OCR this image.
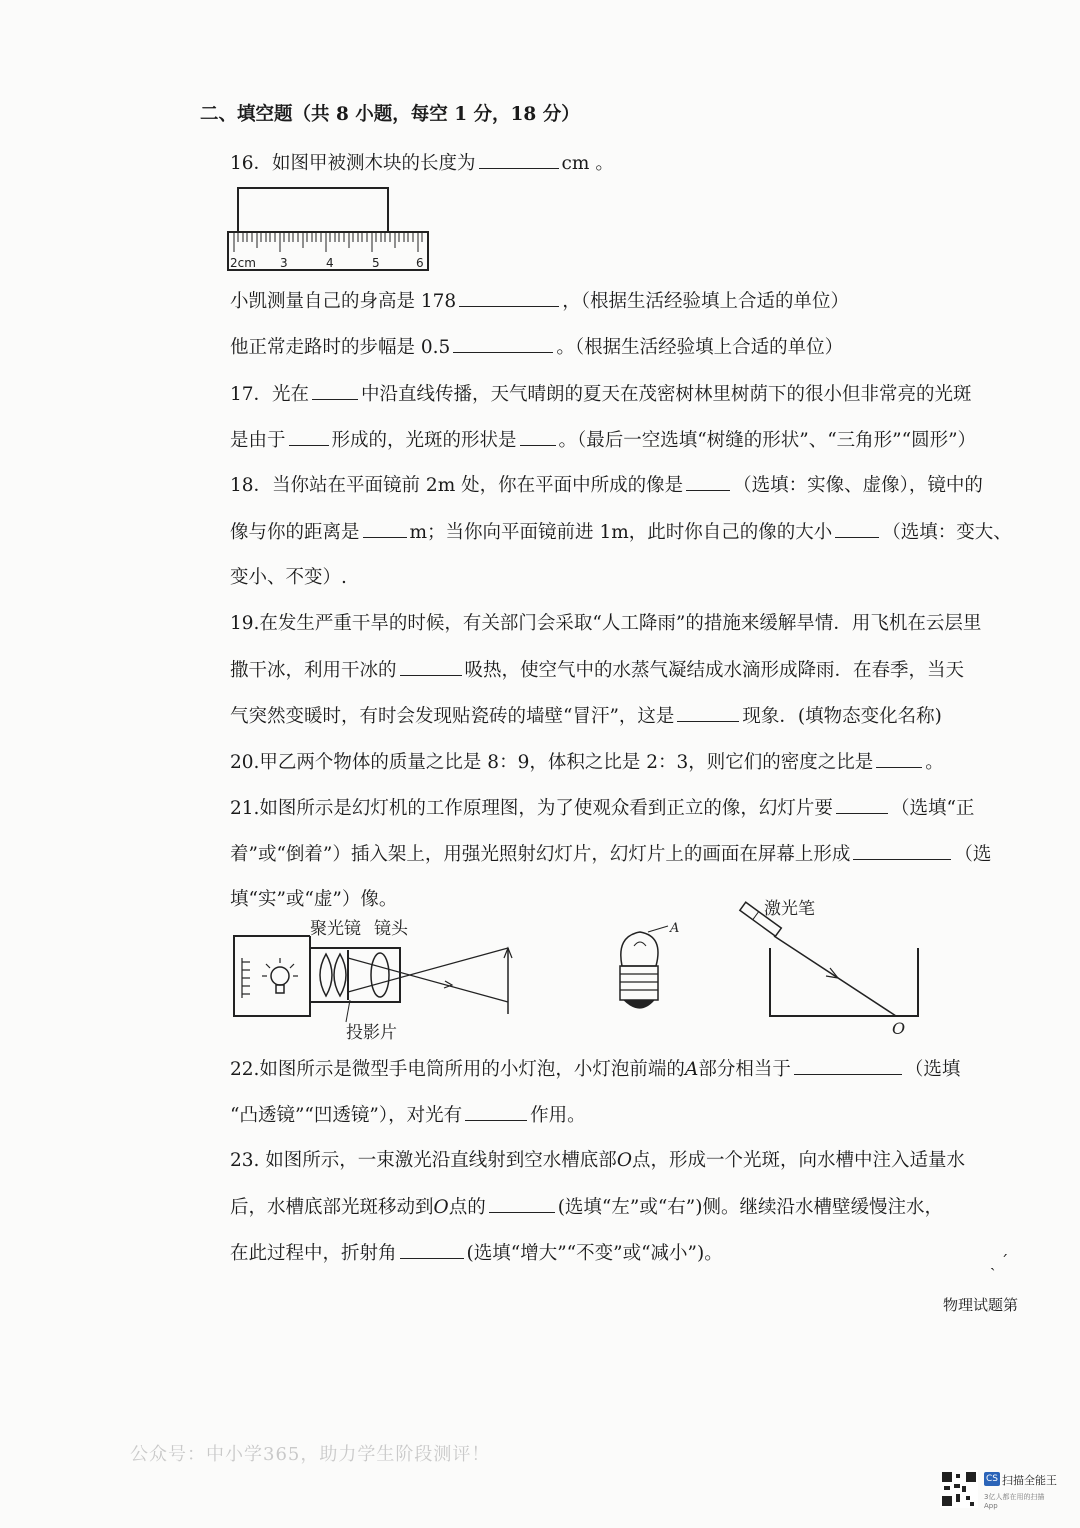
二、填空题（共 8 小题，每空 1 分，18 分）
16．如图甲被测木块的长度为	cm 。
2cm 3	4	5	6
小凯测量自己的身高是 178	，（根据生活经验填上合适的单位）
他正常走路时的步幅是 0.5	。（根据生活经验填上合适的单位）
17．光在	中沿直线传播，天气晴朗的夏天在茂密树林里树荫下的很小但非常亮的光斑
是由于 形成的，光斑的形状是 。（最后一空选填“树缝的形状”、“三角形”“圆形”）
18．当你站在平面镜前 2m 处，你在平面中所成的像是	（选填：实像、虚像），镜中的
像与你的距离是	m；当你向平面镜前进 1m，此时你自己的像的大小	（选填：变大、
变小、不变）.
19.在发生严重干旱的时候，有关部门会采取“人工降雨”的措施来缓解旱情．用飞机在云层里
撒干冰，利用干冰的	吸热，使空气中的水蒸气凝结成水滴形成降雨．在春季，当天
气突然变暖时，有时会发现贴瓷砖的墙壁“冒汗”，这是	现象．(填物态变化名称)
20.甲乙两个物体的质量之比是 8：9，体积之比是 2：3，则它们的密度之比是	。
21.如图所示是幻灯机的工作原理图，为了使观众看到正立的像，幻灯片要	（选填“正
着”或“倒着”）插入架上，用强光照射幻灯片，幻灯片上的画面在屏幕上形成	（选
填“实”或“虚”）像。
聚光镜 镜头
投影片
A
激光笔
O
22.如图所示是微型手电筒所用的小灯泡，小灯泡前端的A部分相当于	（选填
“凸透镜”“凹透镜”），对光有	作用。
23. 如图所示，一束激光沿直线射到空水槽底部O点，形成一个光斑，向水槽中注入适量水
后，水槽底部光斑移动到O点的	(选填“左”或“右”)侧。继续沿水槽壁缓慢注水，
在此过程中，折射角	(选填“增大”“不变”或“减小”)。	ˏ ˊ
物理试题第
公众号：中小学365，助力学生阶段测评！
CS 扫描全能王
3亿人都在用的扫描App
